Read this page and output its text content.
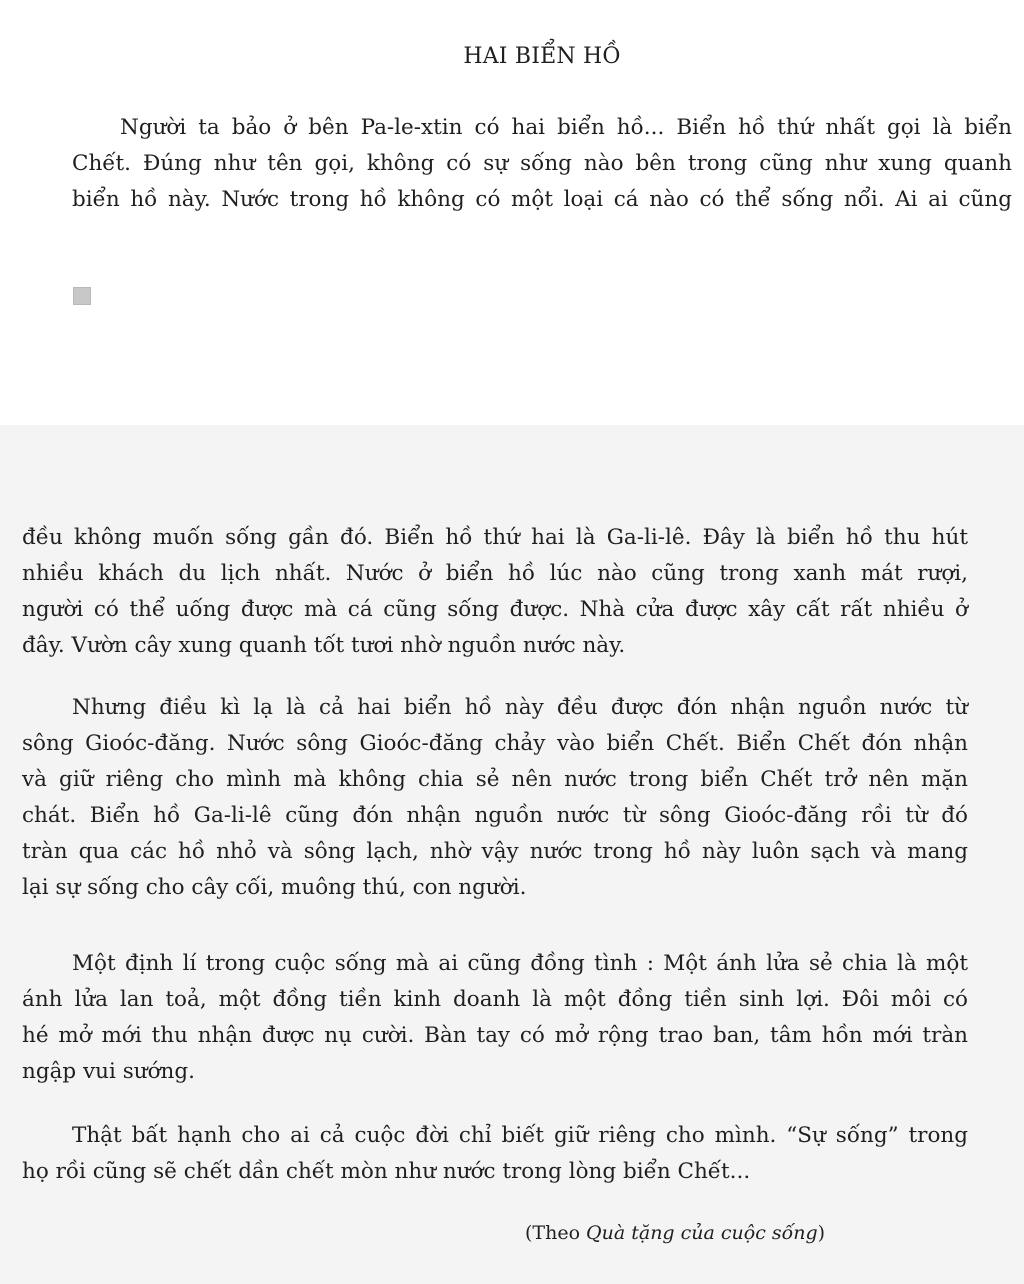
HAI BIỂN HỒ

Người ta bảo ở bên Pa-le-xtin có hai biển hồ... Biển hồ thứ nhất gọi là biển
Chết. Đúng như tên gọi, không có sự sống nào bên trong cũng như xung quanh
biển hồ này. Nước trong hồ không có một loại cá nào có thể sống nổi. Ai ai cũng

đều không muốn sống gần đó. Biển hồ thứ hai là Ga-li-lê. Đây là biển hồ thu hút
nhiều khách du lịch nhất. Nước ở biển hồ lúc nào cũng trong xanh mát rượi,
người có thể uống được mà cá cũng sống được. Nhà cửa được xây cất rất nhiều ở
đây. Vườn cây xung quanh tốt tươi nhờ nguồn nước này.

Nhưng điều kì lạ là cả hai biển hồ này đều được đón nhận nguồn nước từ
sông Gioóc-đăng. Nước sông Gioóc-đăng chảy vào biển Chết. Biển Chết đón nhận
và giữ riêng cho mình mà không chia sẻ nên nước trong biển Chết trở nên mặn
chát. Biển hồ Ga-li-lê cũng đón nhận nguồn nước từ sông Gioóc-đăng rồi từ đó
tràn qua các hồ nhỏ và sông lạch, nhờ vậy nước trong hồ này luôn sạch và mang
lại sự sống cho cây cối, muông thú, con người.

Một định lí trong cuộc sống mà ai cũng đồng tình : Một ánh lửa sẻ chia là một
ánh lửa lan toả, một đồng tiền kinh doanh là một đồng tiền sinh lợi. Đôi môi có
hé mở mới thu nhận được nụ cười. Bàn tay có mở rộng trao ban, tâm hồn mới tràn
ngập vui sướng.

Thật bất hạnh cho ai cả cuộc đời chỉ biết giữ riêng cho mình. “Sự sống” trong
họ rồi cũng sẽ chết dần chết mòn như nước trong lòng biển Chết...

(Theo Quà tặng của cuộc sống)
